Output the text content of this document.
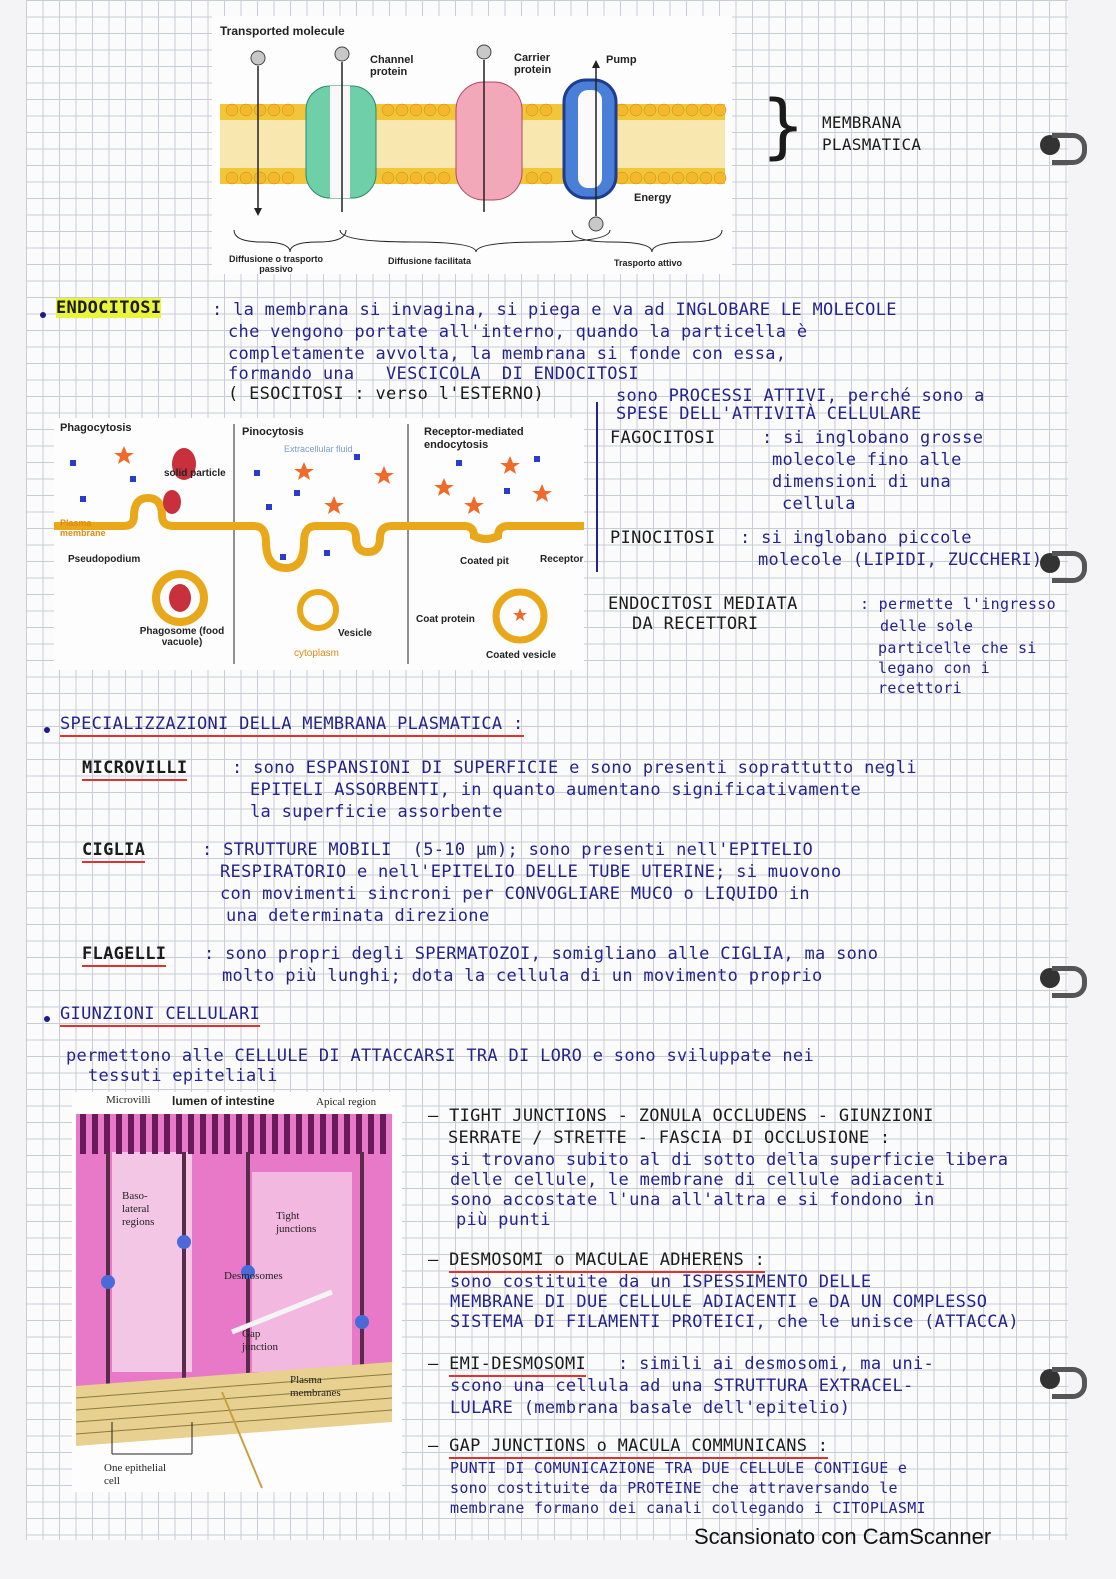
Transported molecule
Channel protein
Carrier protein
Pump
Energy
Diffusione o trasporto passivo
Diffusione facilitata	Trasporto attivo
} MEMBRANA PLASMATICA
ENDOCITOSI	: la membrana si invagina, si piega e va ad INGLOBARE LE MOLECOLE
che vengono portate all'interno, quando la particella è
completamente avvolta, la membrana si fonde con essa,
formando una   VESCICOLA  DI ENDOCITOSI
( ESOCITOSI : verso l'ESTERNO)
Phagocytosis	Pinocytosis	Receptor-mediated endocytosis
Extracellular fluid
solid particle
Plasma membrane
Pseudopodium
Phagosome (food vacuole)
Vesicle
cytoplasm
Coated pit	Receptor
Coat protein
Coated vesicle
sono PROCESSI ATTIVI, perché sono a
SPESE DELL'ATTIVITÀ CELLULARE
FAGOCITOSI	: si inglobano grosse
molecole fino alle
dimensioni di una
cellula
PINOCITOSI : si inglobano piccole
molecole (LIPIDI, ZUCCHERI)
ENDOCITOSI MEDIATA
DA RECETTORI
: permette l'ingresso
delle sole
particelle che si
legano con i
recettori
SPECIALIZZAZIONI DELLA MEMBRANA PLASMATICA :
MICROVILLI	: sono ESPANSIONI DI SUPERFICIE e sono presenti soprattutto negli
EPITELI ASSORBENTI, in quanto aumentano significativamente
la superficie assorbente
CIGLIA	: STRUTTURE MOBILI  (5-10 µm); sono presenti nell'EPITELIO
RESPIRATORIO e nell'EPITELIO DELLE TUBE UTERINE; si muovono
con movimenti sincroni per CONVOGLIARE MUCO o LIQUIDO in
una determinata direzione
FLAGELLI : sono propri degli SPERMATOZOI, somigliano alle CIGLIA, ma sono
molto più lunghi; dota la cellula di un movimento proprio
GIUNZIONI CELLULARI
permettono alle CELLULE DI ATTACCARSI TRA DI LORO e sono sviluppate nei
tessuti epiteliali
Microvilli lumen of intestine	Apical region
Baso- lateral regions	Tight junctions
Desmosomes
Gap junction
Plasma membranes
One epithelial cell
– TIGHT JUNCTIONS - ZONULA OCCLUDENS - GIUNZIONI
SERRATE / STRETTE - FASCIA DI OCCLUSIONE :
si trovano subito al di sotto della superficie libera
delle cellule, le membrane di cellule adiacenti
sono accostate l'una all'altra e si fondono in
più punti
– DESMOSOMI o MACULAE ADHERENS :
sono costituite da un ISPESSIMENTO DELLE
MEMBRANE DI DUE CELLULE ADIACENTI e DA UN COMPLESSO
SISTEMA DI FILAMENTI PROTEICI, che le unisce (ATTACCA)
– EMI-DESMOSOMI : simili ai desmosomi, ma uni-
scono una cellula ad una STRUTTURA EXTRACEL-
LULARE (membrana basale dell'epitelio)
– GAP JUNCTIONS o MACULA COMMUNICANS :
PUNTI DI COMUNICAZIONE TRA DUE CELLULE CONTIGUE e
sono costituite da PROTEINE che attraversando le
membrane formano dei canali collegando i CITOPLASMI
Scansionato con CamScanner
